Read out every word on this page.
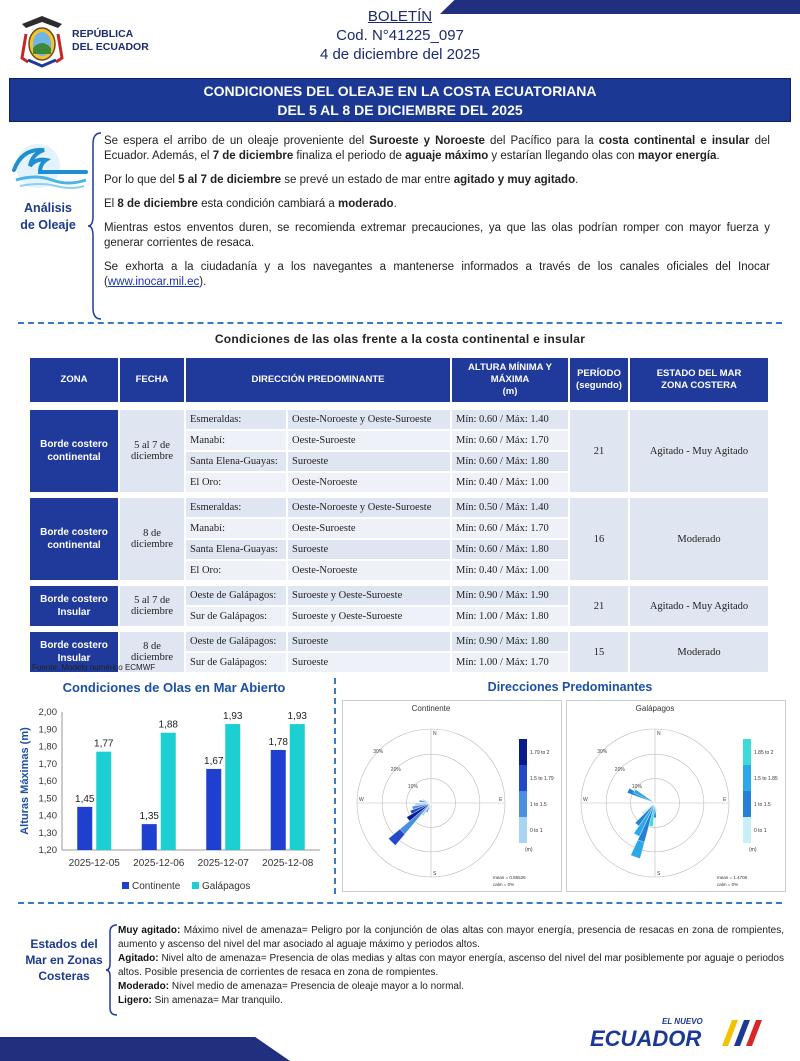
REPÚBLICA
DEL ECUADOR
BOLETÍN
Cod. N°41225_097
4 de diciembre del 2025
CONDICIONES DEL OLEAJE EN LA COSTA ECUATORIANA
DEL 5 AL 8 DE DICIEMBRE DEL 2025
Análisis
de Oleaje

Se espera el arribo de un oleaje proveniente del Suroeste y Noroeste del Pacífico para la costa continental e insular del Ecuador. Además, el 7 de diciembre finaliza el periodo de aguaje máximo y estarían llegando olas con mayor energía.

Por lo que del 5 al 7 de diciembre se prevé un estado de mar entre agitado y muy agitado.

El 8 de diciembre esta condición cambiará a moderado.

Mientras estos enventos duren, se recomienda extremar precauciones, ya que las olas podrían romper con mayor fuerza y generar corrientes de resaca.

Se exhorta a la ciudadanía y a los navegantes a mantenerse informados a través de los canales oficiales del Inocar (www.inocar.mil.ec).

Condiciones de las olas frente a la costa continental e insular
ZONA	FECHA	DIRECCIÓN PREDOMINANTE		ALTURA MÍNIMA Y MÁXIMA
(m)	PERÍODO
(segundo)	ESTADO DEL MAR
ZONA COSTERA

Borde costero continental	5 al 7 de diciembre	Esmeraldas:	Oeste-Noroeste y Oeste-Suroeste	Mín: 0.60 / Máx: 1.40	21	Agitado - Muy Agitado
		Manabí:	Oeste-Suroeste	Mín: 0.60 / Máx: 1.70		
		Santa Elena-Guayas:	Suroeste	Mín: 0.60 / Máx: 1.80		
		El Oro:	Oeste-Noroeste	Mín: 0.40 / Máx: 1.00		

Borde costero continental	8 de diciembre	Esmeraldas:	Oeste-Noroeste y Oeste-Suroeste	Mín: 0.50 / Máx: 1.40	16	Moderado
		Manabí:	Oeste-Suroeste	Mín: 0.60 / Máx: 1.70		
		Santa Elena-Guayas:	Suroeste	Mín: 0.60 / Máx: 1.80		
		El Oro:	Oeste-Noroeste	Mín: 0.40 / Máx: 1.00		

Borde costero Insular	5 al 7 de diciembre	Oeste de Galápagos:	Suroeste y Oeste-Suroeste	Mín: 0.90 / Máx: 1.90	21	Agitado - Muy Agitado
		Sur de Galápagos:	Suroeste y Oeste-Suroeste	Mín: 1.00 / Máx: 1.80		

Borde costero Insular	8 de diciembre	Oeste de Galápagos:	Suroeste	Mín: 0.90 / Máx: 1.80	15	Moderado
		Sur de Galápagos:	Suroeste	Mín: 1.00 / Máx: 1.70		
Fuente: Modelo numérico ECMWF
Condiciones de Olas en Mar Abierto
1,20
1,30
1,40
1,50
1,60
1,70
1,80
1,90
2,00
Alturas Máximas (m)	1,45
1,77
2025-12-05
1,35
1,88
2025-12-06
1,67
1,93
2025-12-07
1,78
1,93
2025-12-08
Continente Galápagos
Direcciones Predominantes
Continente
30%
20%
10%
N
E
S
W
1.79 to 2
1.5 to 1.79
1 to 1.5
0 to 1
(m)
mean = 0.85526
calm = 0%
Galápagos
30%
20%
10%
N
E
S
W
1.85 to 2
1.5 to 1.85
1 to 1.5
0 to 1
(m)
mean = 1.4706
calm = 0%
Estados del
Mar en Zonas
Costeras
Muy agitado: Máximo nivel de amenaza= Peligro por la conjunción de olas altas con mayor energía, presencia de resacas en zona de rompientes, aumento y ascenso del nivel del mar asociado al aguaje máximo y periodos altos.
Agitado: Nivel alto de amenaza= Presencia de olas medias y altas con mayor energía, ascenso del nivel del mar posiblemente por aguaje o periodos altos. Posible presencia de corrientes de resaca en zona de rompientes.
Moderado: Nivel medio de amenaza= Presencia de oleaje mayor a lo normal.
Ligero: Sin amenaza= Mar tranquilo.
EL NUEVO
ECUADOR
